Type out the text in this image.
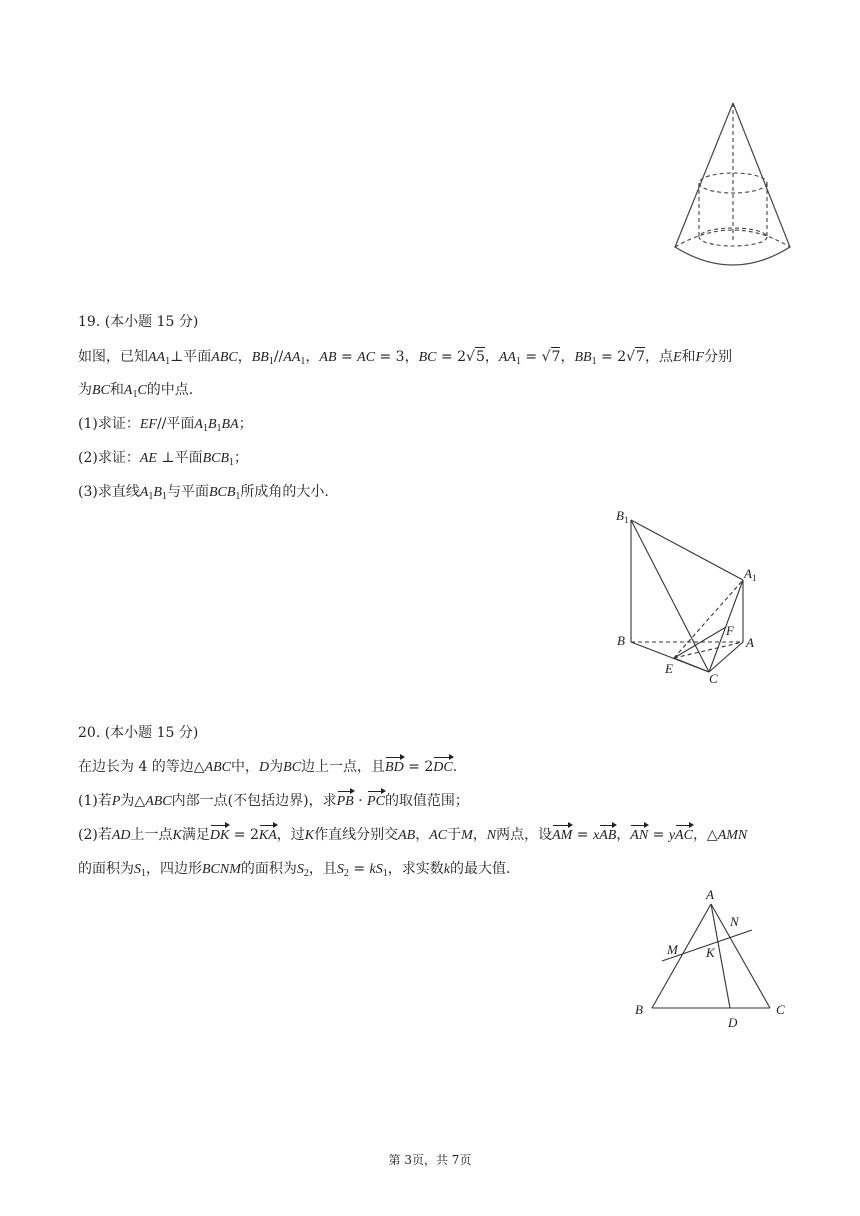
19. (本小题 15 分)
如图，已知$AA_1\perp$平面ABC，$BB_1//AA_1$，AB = AC = 3，BC = 2√5，$AA_1 = √7$，$BB_1 = 2√7$，点E和F分别
为BC和$A_1C$的中点.
(1)求证：EF//平面$A_1B_1BA$；
(2)求证：AE ⊥平面$BCB_1$；
(3)求直线$A_1B_1$与平面$BCB_1$所成角的大小.
$B_1$
$A_1$
B	A
F
E
C
20. (本小题 15 分)
在边长为 4 的等边△ABC中，D为BC边上一点，且BD = 2DC.
(1)若P为△ABC内部一点(不包括边界)，求PB · PC的取值范围；
(2)若AD上一点K满足DK = 2KA，过K作直线分别交AB，AC于M，N两点，设AM = xAB，AN = yAC，△AMN
的面积为$S_1$，四边形BCNM的面积为$S_2$，且$S_2 = kS_1$，求实数k的最大值.
A
N
M K
B
D
C
第 3页，共 7页
